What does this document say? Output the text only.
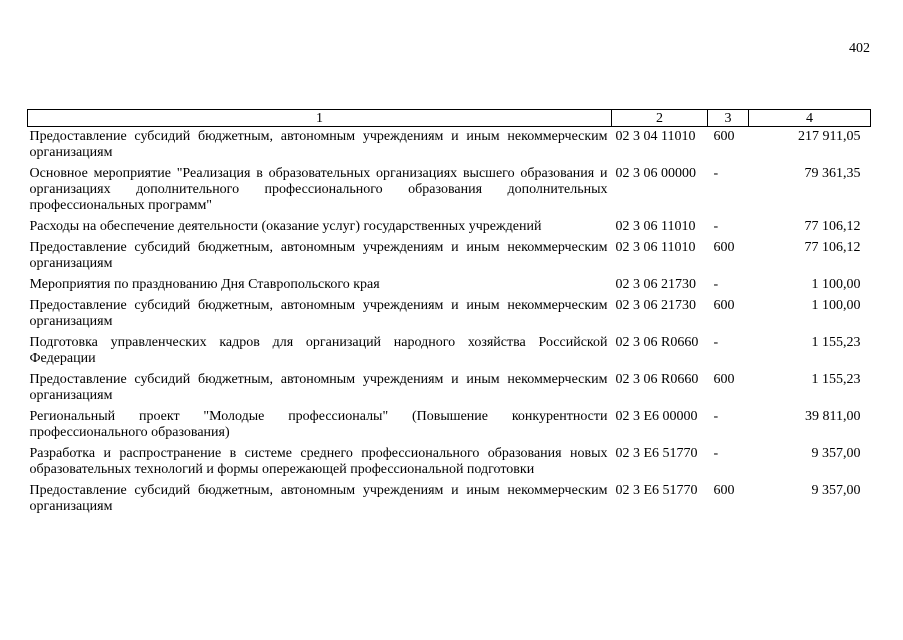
402
1	2	3	4
Предоставление субсидий бюджетным, автономным учреждениям и иным некоммерческим организациям	02 3 04 11010	600	217 911,05
Основное мероприятие "Реализация в образовательных организациях высшего образования и организациях дополнительного профессионального образования дополнительных профессиональных программ"	02 3 06 00000	-	79 361,35
Расходы на обеспечение деятельности (оказание услуг) государственных учреждений	02 3 06 11010	-	77 106,12
Предоставление субсидий бюджетным, автономным учреждениям и иным некоммерческим организациям	02 3 06 11010	600	77 106,12
Мероприятия по празднованию Дня Ставропольского края	02 3 06 21730	-	1 100,00
Предоставление субсидий бюджетным, автономным учреждениям и иным некоммерческим организациям	02 3 06 21730	600	1 100,00
Подготовка управленческих кадров для организаций народного хозяйства Российской Федерации	02 3 06 R0660	-	1 155,23
Предоставление субсидий бюджетным, автономным учреждениям и иным некоммерческим организациям	02 3 06 R0660	600	1 155,23
Региональный проект "Молодые профессионалы" (Повышение конкурентности профессионального образования)	02 3 E6 00000	-	39 811,00
Разработка и распространение в системе среднего профессионального образования новых образовательных технологий и формы опережающей профессиональной подготовки	02 3 E6 51770	-	9 357,00
Предоставление субсидий бюджетным, автономным учреждениям и иным некоммерческим организациям	02 3 E6 51770	600	9 357,00
